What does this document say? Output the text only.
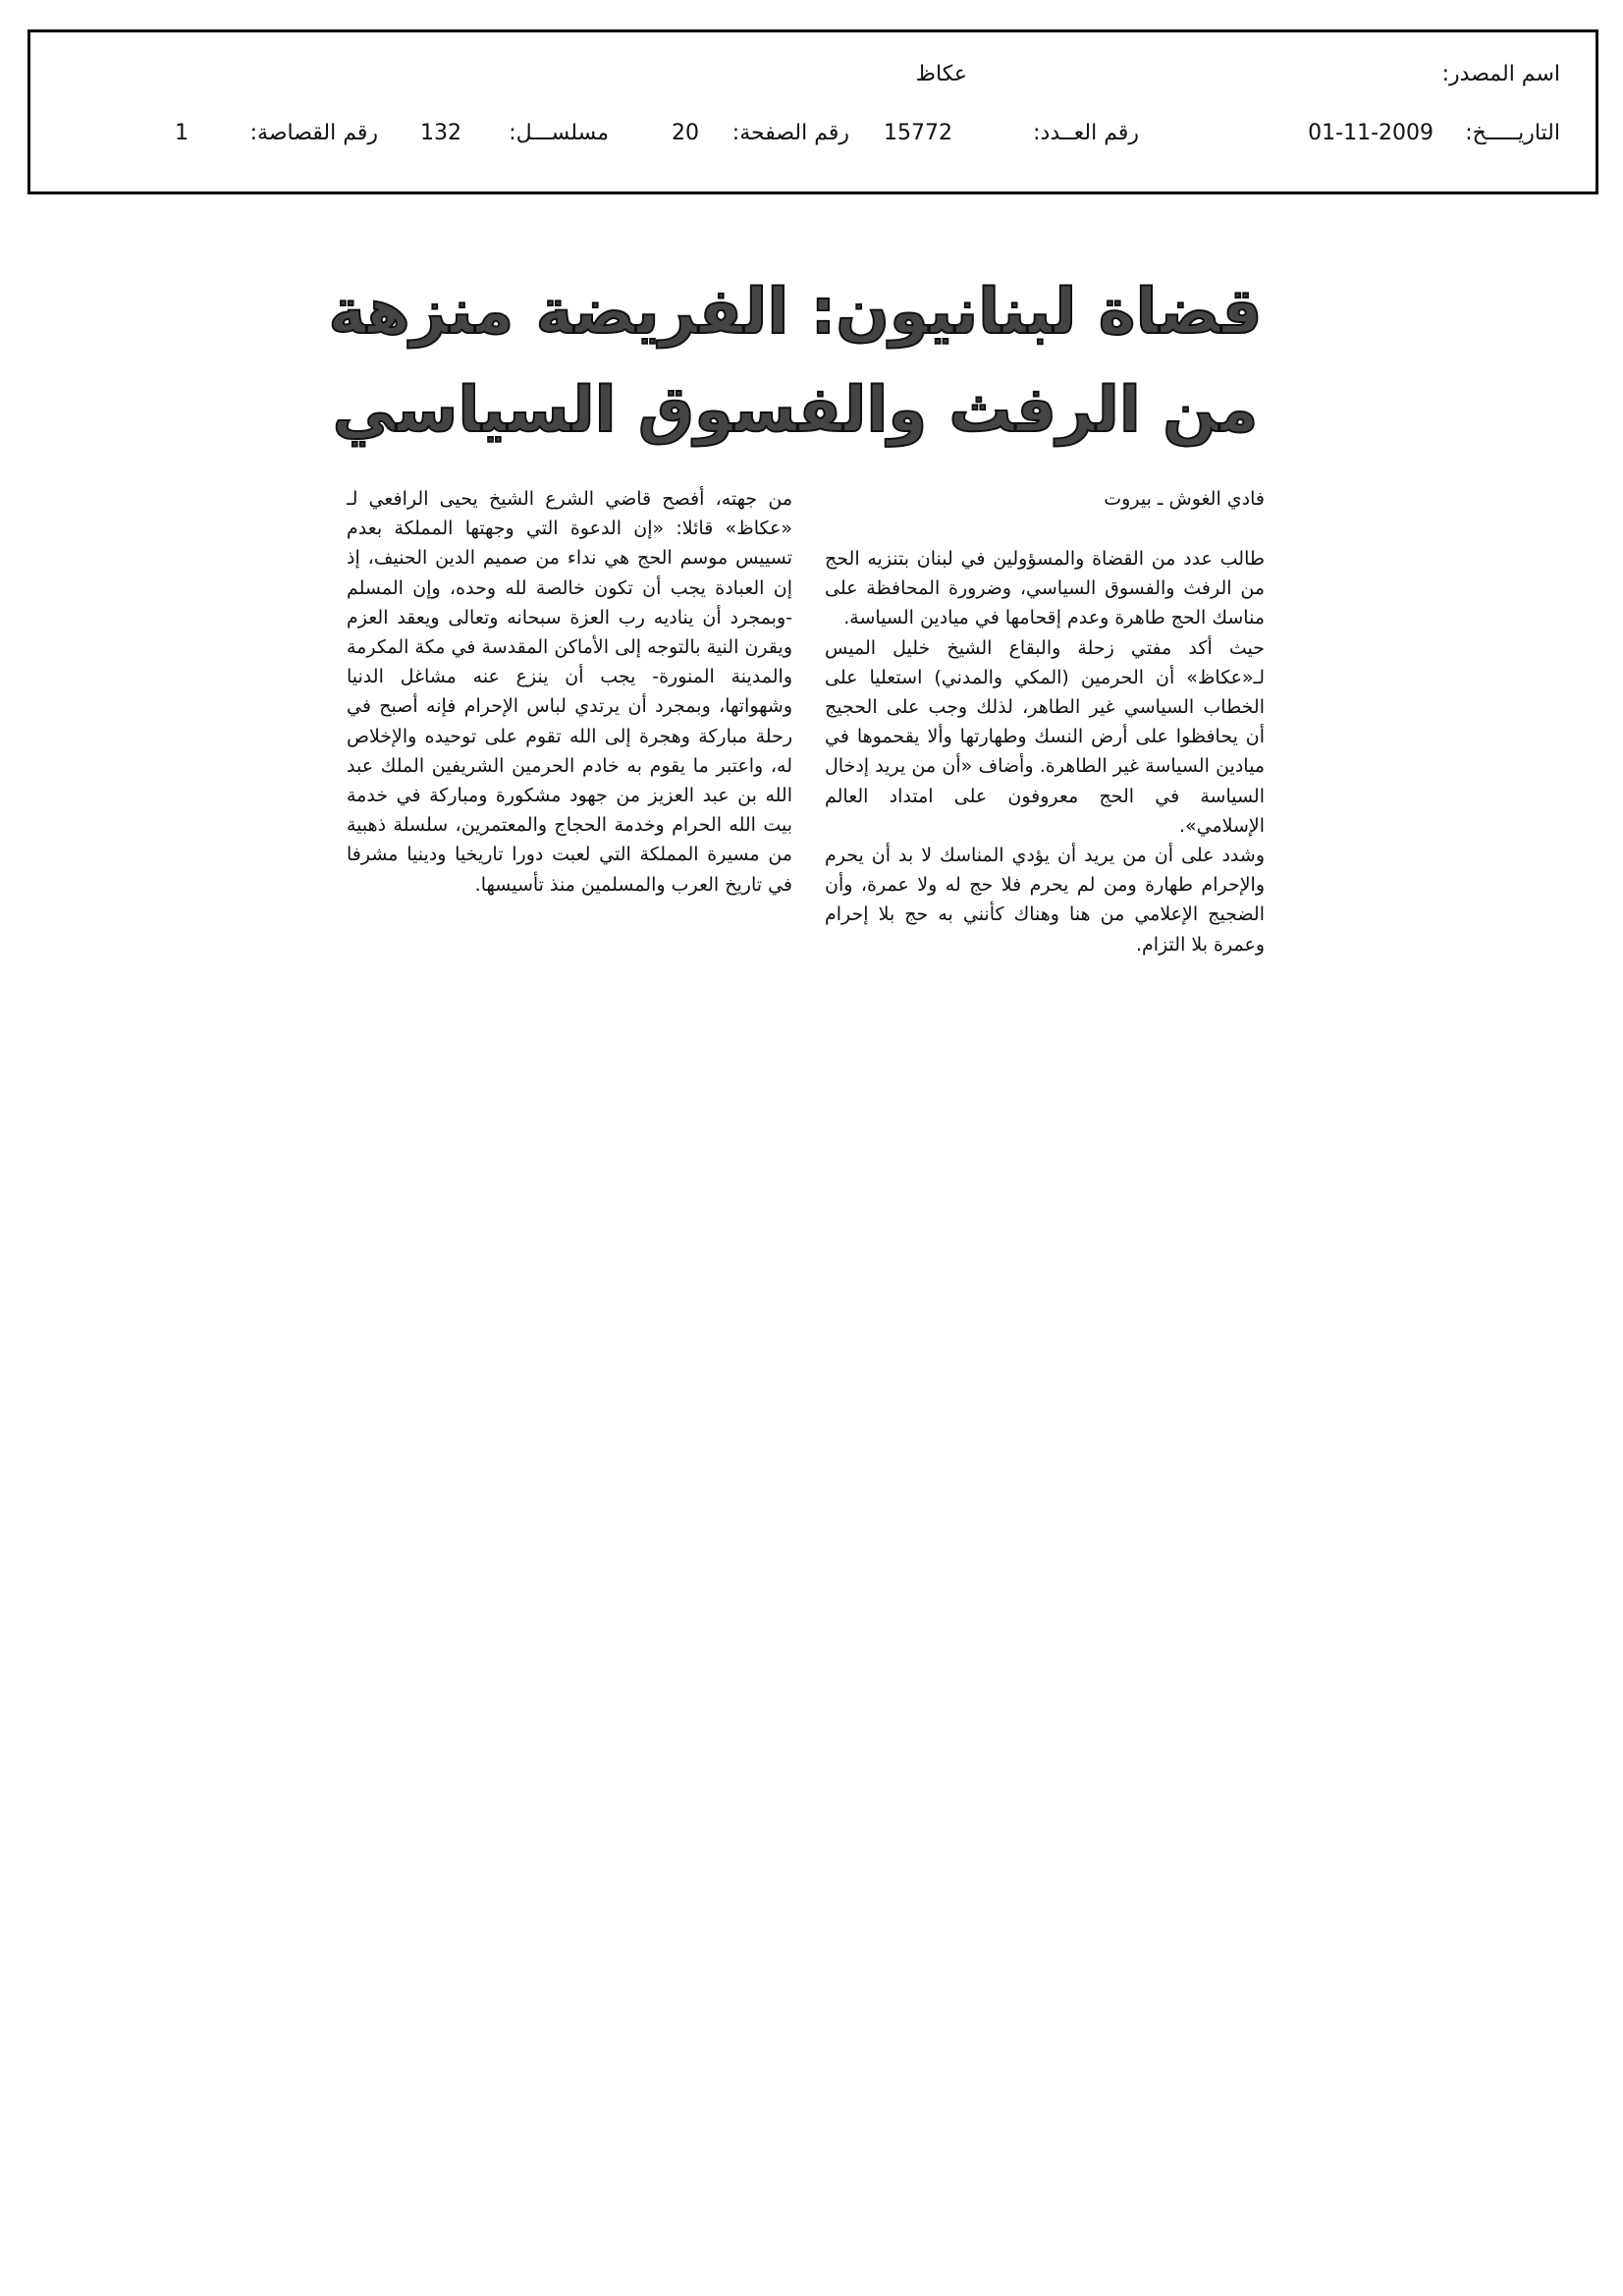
اسم المصدر:
عكاظ
التاريـــــخ:
01-11-2009
رقم العــدد:
15772
رقم الصفحة:
20
مسلســـل:
132
رقم القصاصة:
1
قضاة لبنانيون: الفريضة منزهة
من الرفث والفسوق السياسي
فادي الغوش ـ بيروت

طالب عدد من القضاة والمسؤولين في لبنان بتنزيه الحج من الرفث والفسوق السياسي، وضرورة المحافظة على مناسك الحج طاهرة وعدم إقحامها في ميادين السياسة.

حيث أكد مفتي زحلة والبقاع الشيخ خليل الميس لـ«عكاظ» أن الحرمين (المكي والمدني) استعليا على الخطاب السياسي غير الطاهر، لذلك وجب على الحجيج أن يحافظوا على أرض النسك وطهارتها وألا يقحموها في ميادين السياسة غير الطاهرة. وأضاف «أن من يريد إدخال السياسة في الحج معروفون على امتداد العالم الإسلامي».

وشدد على أن من يريد أن يؤدي المناسك لا بد أن يحرم والإحرام طهارة ومن لم يحرم فلا حج له ولا عمرة، وأن الضجيج الإعلامي من هنا وهناك كأنني به حج بلا إحرام وعمرة بلا التزام.

من جهته، أفصح قاضي الشرع الشيخ يحيى الرافعي لـ «عكاظ» قائلا: «إن الدعوة التي وجهتها المملكة بعدم تسييس موسم الحج هي نداء من صميم الدين الحنيف، إذ إن العبادة يجب أن تكون خالصة لله وحده، وإن المسلم -وبمجرد أن يناديه رب العزة سبحانه وتعالى ويعقد العزم ويقرن النية بالتوجه إلى الأماكن المقدسة في مكة المكرمة والمدينة المنورة- يجب أن ينزع عنه مشاغل الدنيا وشهواتها، وبمجرد أن يرتدي لباس الإحرام فإنه أصبح في رحلة مباركة وهجرة إلى الله تقوم على توحيده والإخلاص له، واعتبر ما يقوم به خادم الحرمين الشريفين الملك عبد الله بن عبد العزيز من جهود مشكورة ومباركة في خدمة بيت الله الحرام وخدمة الحجاج والمعتمرين، سلسلة ذهبية من مسيرة المملكة التي لعبت دورا تاريخيا ودينيا مشرفا في تاريخ العرب والمسلمين منذ تأسيسها.
